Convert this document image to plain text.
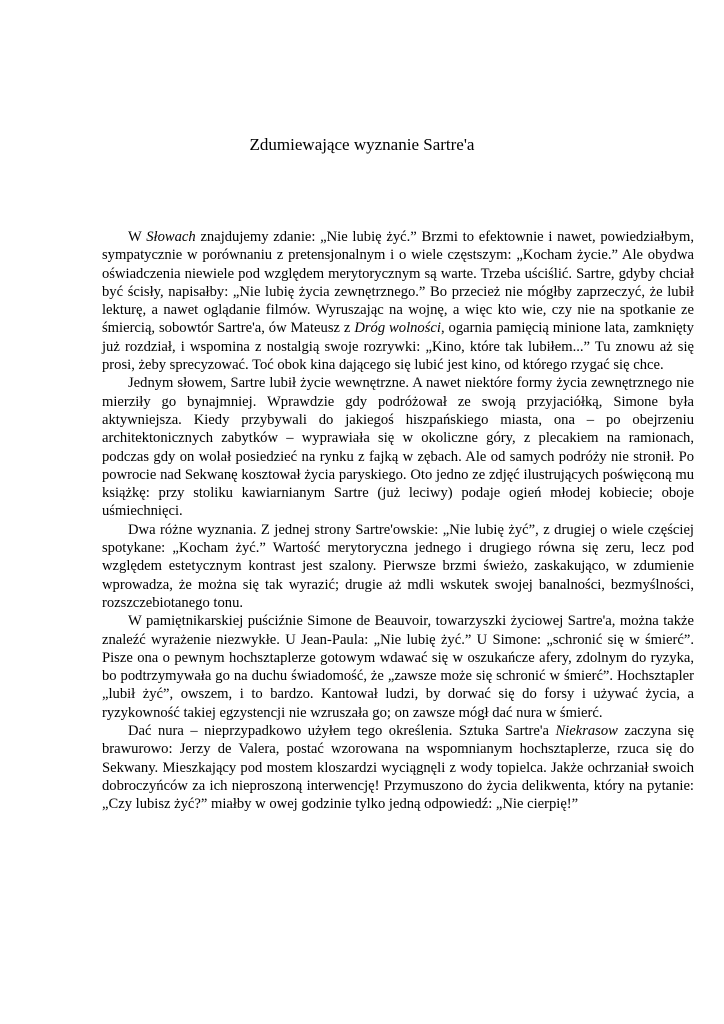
Zdumiewające wyznanie Sartre'a

W Słowach znajdujemy zdanie: „Nie lubię żyć.” Brzmi to efektownie i nawet, powiedziałbym, sympatycznie w porównaniu z pretensjonalnym i o wiele częstszym: „Kocham życie.” Ale obydwa oświadczenia niewiele pod względem merytorycznym są warte. Trzeba uściślić. Sartre, gdyby chciał być ścisły, napisałby: „Nie lubię życia zewnętrznego.” Bo przecież nie mógłby zaprzeczyć, że lubił lekturę, a nawet oglądanie filmów. Wyruszając na wojnę, a więc kto wie, czy nie na spotkanie ze śmiercią, sobowtór Sartre'a, ów Mateusz z Dróg wolności, ogarnia pamięcią minione lata, zamknięty już rozdział, i wspomina z nostalgią swoje rozrywki: „Kino, które tak lubiłem...” Tu znowu aż się prosi, żeby sprecyzować. Toć obok kina dającego się lubić jest kino, od którego rzygać się chce.

Jednym słowem, Sartre lubił życie wewnętrzne. A nawet niektóre formy życia zewnętrznego nie mierziły go bynajmniej. Wprawdzie gdy podróżował ze swoją przyjaciółką, Simone była aktywniejsza. Kiedy przybywali do jakiegoś hiszpańskiego miasta, ona – po obejrzeniu architektonicznych zabytków – wyprawiała się w okoliczne góry, z plecakiem na ramionach, podczas gdy on wolał posiedzieć na rynku z fajką w zębach. Ale od samych podróży nie stronił. Po powrocie nad Sekwanę kosztował życia paryskiego. Oto jedno ze zdjęć ilustrujących poświęconą mu książkę: przy stoliku kawiarnianym Sartre (już leciwy) podaje ogień młodej kobiecie; oboje uśmiechnięci.

Dwa różne wyznania. Z jednej strony Sartre'owskie: „Nie lubię żyć”, z drugiej o wiele częściej spotykane: „Kocham żyć.” Wartość merytoryczna jednego i drugiego równa się zeru, lecz pod względem estetycznym kontrast jest szalony. Pierwsze brzmi świeżo, zaskakująco, w zdumienie wprowadza, że można się tak wyrazić; drugie aż mdli wskutek swojej banalności, bezmyślności, rozszczebiotanego tonu.

W pamiętnikarskiej puściźnie Simone de Beauvoir, towarzyszki życiowej Sartre'a, można także znaleźć wyrażenie niezwykłe. U Jean-Paula: „Nie lubię żyć.” U Simone: „schronić się w śmierć”. Pisze ona o pewnym hochsztaplerze gotowym wdawać się w oszukańcze afery, zdolnym do ryzyka, bo podtrzymywała go na duchu świadomość, że „zawsze może się schronić w śmierć”. Hochsztapler „lubił żyć”, owszem, i to bardzo. Kantował ludzi, by dorwać się do forsy i używać życia, a ryzykowność takiej egzystencji nie wzruszała go; on zawsze mógł dać nura w śmierć.

Dać nura – nieprzypadkowo użyłem tego określenia. Sztuka Sartre'a Niekrasow zaczyna się brawurowo: Jerzy de Valera, postać wzorowana na wspomnianym hochsztaplerze, rzuca się do Sekwany. Mieszkający pod mostem kloszardzi wyciągnęli z wody topielca. Jakże ochrzaniał swoich dobroczyńców za ich nieproszoną interwencję! Przymuszono do życia delikwenta, który na pytanie: „Czy lubisz żyć?” miałby w owej godzinie tylko jedną odpowiedź: „Nie cierpię!”
